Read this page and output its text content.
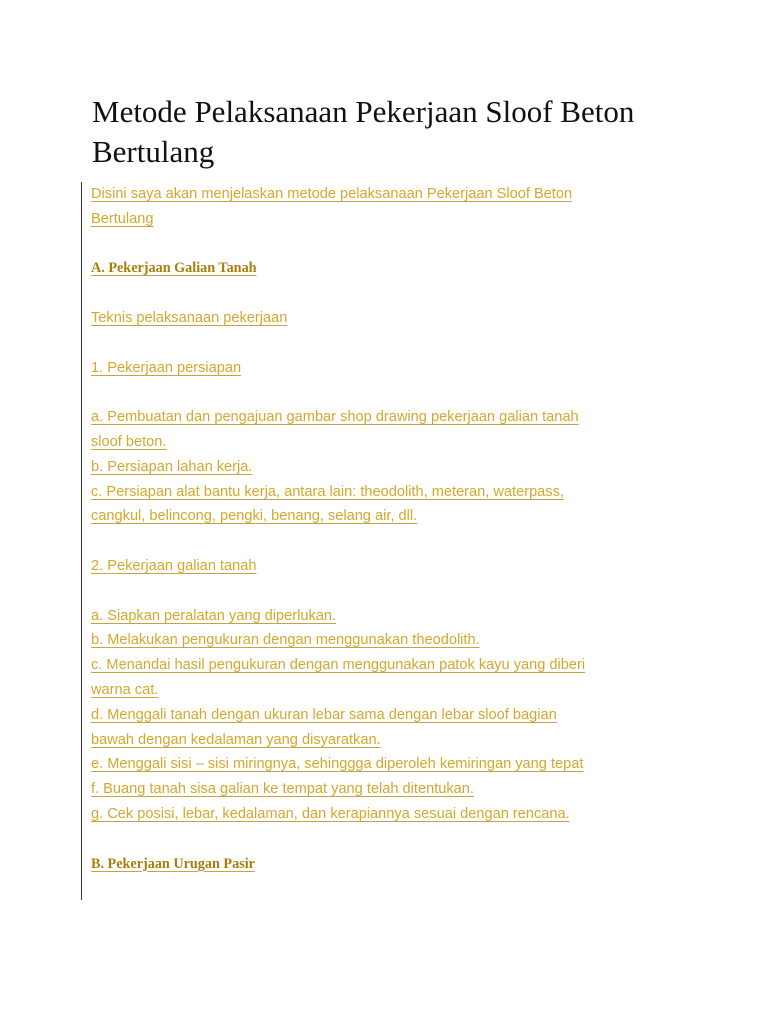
Metode Pelaksanaan Pekerjaan Sloof Beton Bertulang
Disini saya akan menjelaskan metode pelaksanaan Pekerjaan Sloof Beton
Bertulang
A. Pekerjaan Galian Tanah
Teknis pelaksanaan pekerjaan
1. Pekerjaan persiapan
a. Pembuatan dan pengajuan gambar shop drawing pekerjaan galian tanah
sloof beton.
b. Persiapan lahan kerja.
c. Persiapan alat bantu kerja, antara lain: theodolith, meteran, waterpass,
cangkul, belincong, pengki, benang, selang air, dll.
2. Pekerjaan galian tanah
a. Siapkan peralatan yang diperlukan.
b. Melakukan pengukuran dengan menggunakan theodolith.
c. Menandai hasil pengukuran dengan menggunakan patok kayu yang diberi
warna cat.
d. Menggali tanah dengan ukuran lebar sama dengan lebar sloof bagian
bawah dengan kedalaman yang disyaratkan.
e. Menggali sisi – sisi miringnya, sehinggga diperoleh kemiringan yang tepat
f. Buang tanah sisa galian ke tempat yang telah ditentukan.
g. Cek posisi, lebar, kedalaman, dan kerapiannya sesuai dengan rencana.
B. Pekerjaan Urugan Pasir
